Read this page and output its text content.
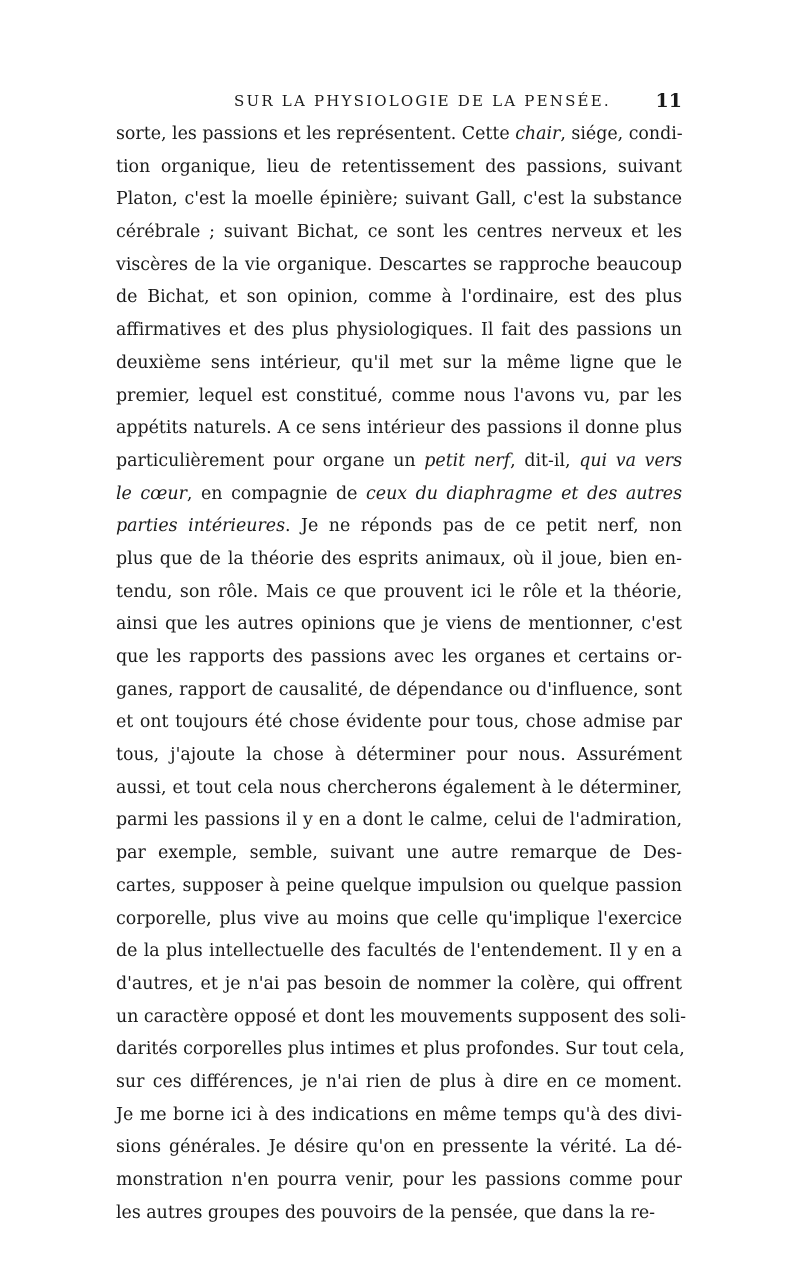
SUR LA PHYSIOLOGIE DE LA PENSÉE. 11
sorte, les passions et les représentent. Cette chair, siége, condi-
tion organique, lieu de retentissement des passions, suivant
Platon, c'est la moelle épinière; suivant Gall, c'est la substance
cérébrale ; suivant Bichat, ce sont les centres nerveux et les
viscères de la vie organique. Descartes se rapproche beaucoup
de Bichat, et son opinion, comme à l'ordinaire, est des plus
affirmatives et des plus physiologiques. Il fait des passions un
deuxième sens intérieur, qu'il met sur la même ligne que le
premier, lequel est constitué, comme nous l'avons vu, par les
appétits naturels. A ce sens intérieur des passions il donne plus
particulièrement pour organe un petit nerf, dit-il, qui va vers
le cœur, en compagnie de ceux du diaphragme et des autres
parties intérieures. Je ne réponds pas de ce petit nerf, non
plus que de la théorie des esprits animaux, où il joue, bien en-
tendu, son rôle. Mais ce que prouvent ici le rôle et la théorie,
ainsi que les autres opinions que je viens de mentionner, c'est
que les rapports des passions avec les organes et certains or-
ganes, rapport de causalité, de dépendance ou d'influence, sont
et ont toujours été chose évidente pour tous, chose admise par
tous, j'ajoute la chose à déterminer pour nous. Assurément
aussi, et tout cela nous chercherons également à le déterminer,
parmi les passions il y en a dont le calme, celui de l'admiration,
par exemple, semble, suivant une autre remarque de Des-
cartes, supposer à peine quelque impulsion ou quelque passion
corporelle, plus vive au moins que celle qu'implique l'exercice
de la plus intellectuelle des facultés de l'entendement. Il y en a
d'autres, et je n'ai pas besoin de nommer la colère, qui offrent
un caractère opposé et dont les mouvements supposent des soli-
darités corporelles plus intimes et plus profondes. Sur tout cela,
sur ces différences, je n'ai rien de plus à dire en ce moment.
Je me borne ici à des indications en même temps qu'à des divi-
sions générales. Je désire qu'on en pressente la vérité. La dé-
monstration n'en pourra venir, pour les passions comme pour
les autres groupes des pouvoirs de la pensée, que dans la re-
